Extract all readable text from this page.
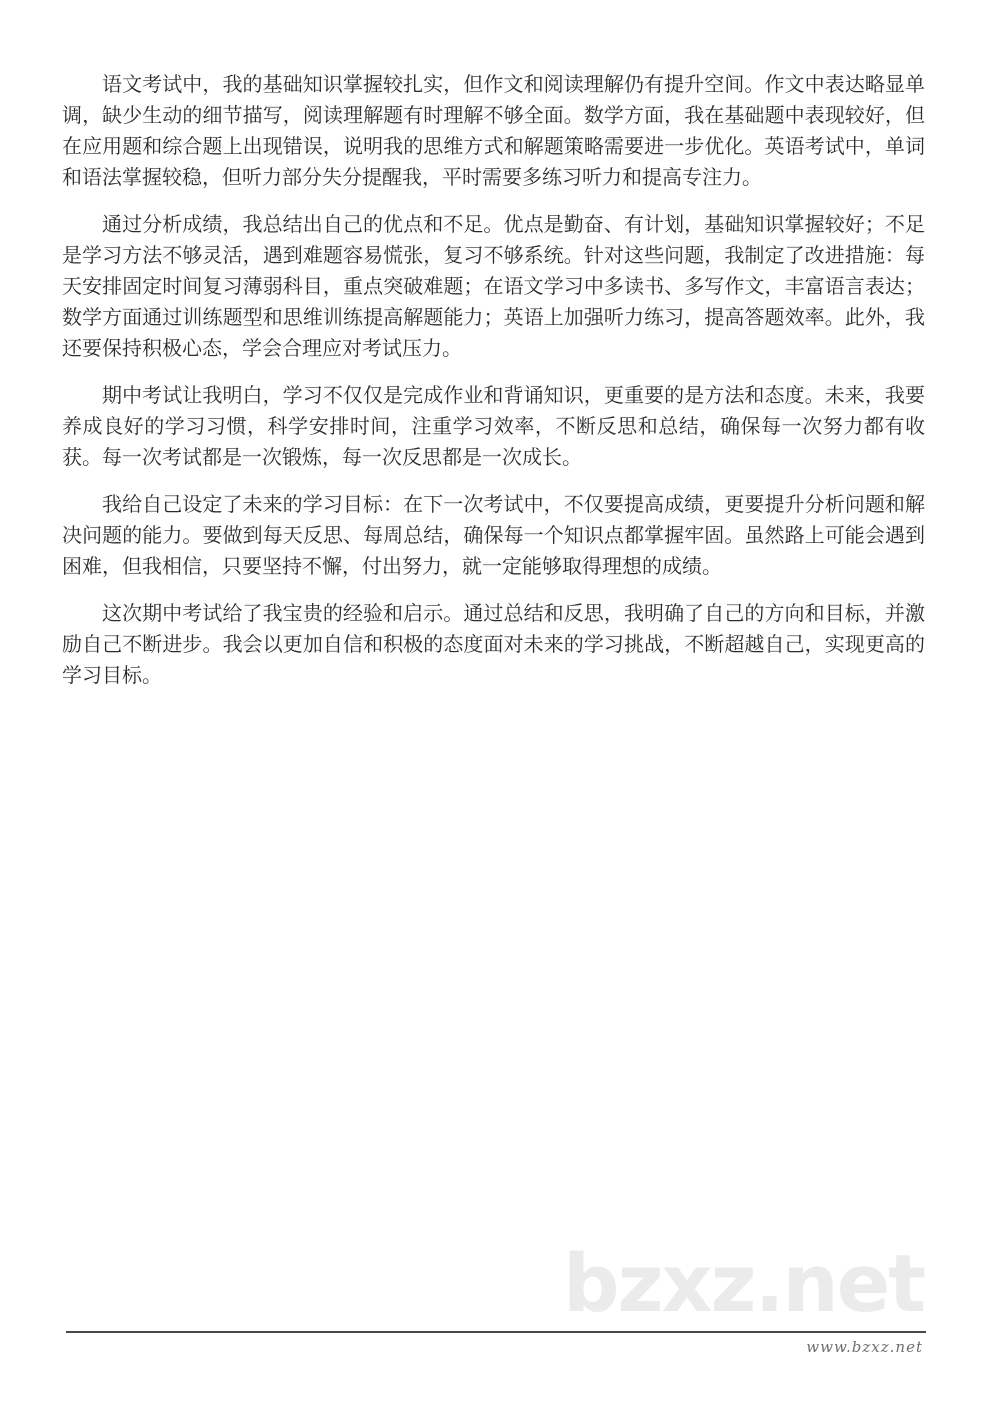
语文考试中，我的基础知识掌握较扎实，但作文和阅读理解仍有提升空间。作文中表达略显单调，缺少生动的细节描写，阅读理解题有时理解不够全面。数学方面，我在基础题中表现较好，但在应用题和综合题上出现错误，说明我的思维方式和解题策略需要进一步优化。英语考试中，单词和语法掌握较稳，但听力部分失分提醒我，平时需要多练习听力和提高专注力。

通过分析成绩，我总结出自己的优点和不足。优点是勤奋、有计划，基础知识掌握较好；不足是学习方法不够灵活，遇到难题容易慌张，复习不够系统。针对这些问题，我制定了改进措施：每天安排固定时间复习薄弱科目，重点突破难题；在语文学习中多读书、多写作文，丰富语言表达；数学方面通过训练题型和思维训练提高解题能力；英语上加强听力练习，提高答题效率。此外，我还要保持积极心态，学会合理应对考试压力。

期中考试让我明白，学习不仅仅是完成作业和背诵知识，更重要的是方法和态度。未来，我要养成良好的学习习惯，科学安排时间，注重学习效率，不断反思和总结，确保每一次努力都有收获。每一次考试都是一次锻炼，每一次反思都是一次成长。

我给自己设定了未来的学习目标：在下一次考试中，不仅要提高成绩，更要提升分析问题和解决问题的能力。要做到每天反思、每周总结，确保每一个知识点都掌握牢固。虽然路上可能会遇到困难，但我相信，只要坚持不懈，付出努力，就一定能够取得理想的成绩。

这次期中考试给了我宝贵的经验和启示。通过总结和反思，我明确了自己的方向和目标，并激励自己不断进步。我会以更加自信和积极的态度面对未来的学习挑战，不断超越自己，实现更高的学习目标。

bzxz.net
www.bzxz.net
